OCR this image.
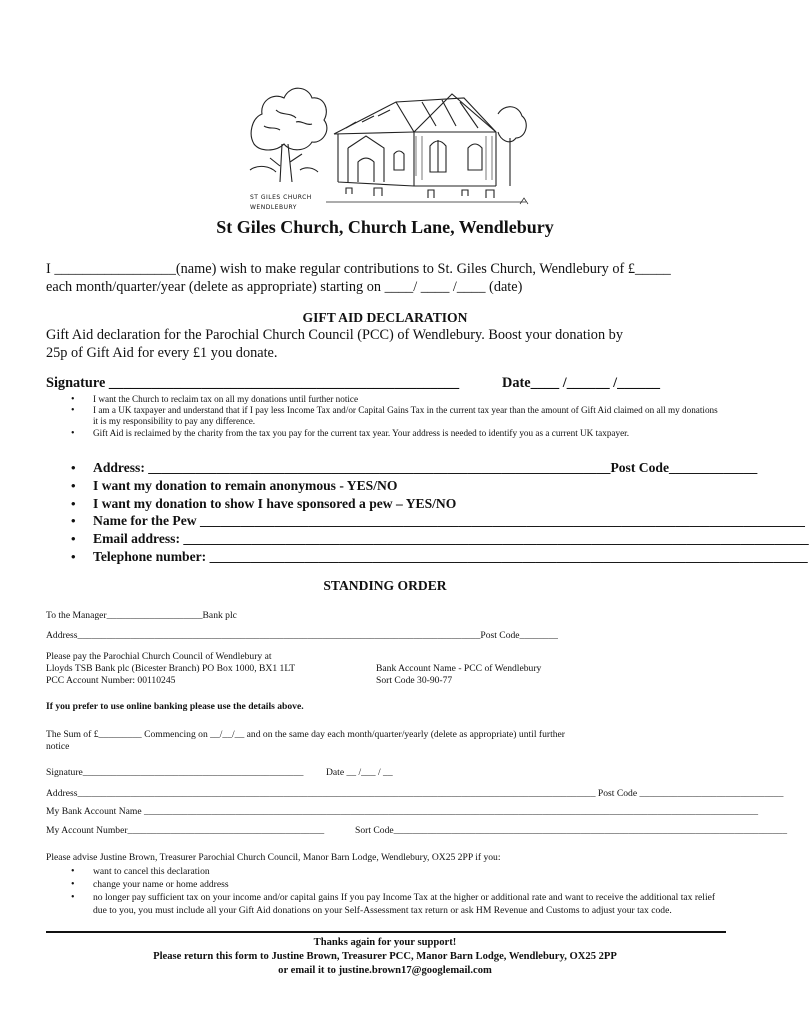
ST GILES CHURCH
WENDLEBURY
St Giles Church, Church Lane, Wendlebury
I _________________(name) wish to make regular contributions to St. Giles Church, Wendlebury of £_____
each month/quarter/year (delete as appropriate) starting on ____/ ____ /____ (date)
GIFT AID DECLARATION
Gift Aid declaration for the Parochial Church Council (PCC) of Wendlebury. Boost your donation by
25p of Gift Aid for every £1 you donate.
Signature _________________________________________________	Date____ /______ /______
• I want the Church to reclaim tax on all my donations until further notice
• I am a UK taxpayer and understand that if I pay less Income Tax and/or Capital Gains Tax in the current tax year than the amount of Gift Aid claimed on all my donations it is my responsibility to pay any difference.
• Gift Aid is reclaimed by the charity from the tax you pay for the current tax year. Your address is needed to identify you as a current UK taxpayer.
• Address: ____________________________________________________________________Post Code_____________
• I want my donation to remain anonymous - YES/NO
• I want my donation to show I have sponsored a pew – YES/NO
• Name for the Pew _________________________________________________________________________________________
• Email address: ____________________________________________________________________________________________
• Telephone number: ________________________________________________________________________________________
STANDING ORDER
To the Manager____________________Bank plc
Address____________________________________________________________________________________Post Code________
Please pay the Parochial Church Council of Wendlebury at
Lloyds TSB Bank plc (Bicester Branch) PO Box 1000, BX1 1LT
PCC Account Number: 00110245
Bank Account Name - PCC of Wendlebury
Sort Code 30-90-77
If you prefer to use online banking please use the details above.
The Sum of £_________ Commencing on __/__/__ and on the same day each month/quarter/yearly (delete as appropriate) until further
notice
Signature______________________________________________ Date __ /___ / __
Address____________________________________________________________________________________________________________ Post Code ______________________________
My Bank Account Name ________________________________________________________________________________________________________________________________
My Account Number_________________________________________	Sort Code__________________________________________________________________________________
Please advise Justine Brown, Treasurer Parochial Church Council, Manor Barn Lodge, Wendlebury, OX25 2PP if you:
• want to cancel this declaration
• change your name or home address
• no longer pay sufficient tax on your income and/or capital gains If you pay Income Tax at the higher or additional rate and want to receive the additional tax relief due to you, you must include all your Gift Aid donations on your Self-Assessment tax return or ask HM Revenue and Customs to adjust your tax code.
Thanks again for your support!
Please return this form to Justine Brown, Treasurer PCC, Manor Barn Lodge, Wendlebury, OX25 2PP
or email it to justine.brown17@googlemail.com
